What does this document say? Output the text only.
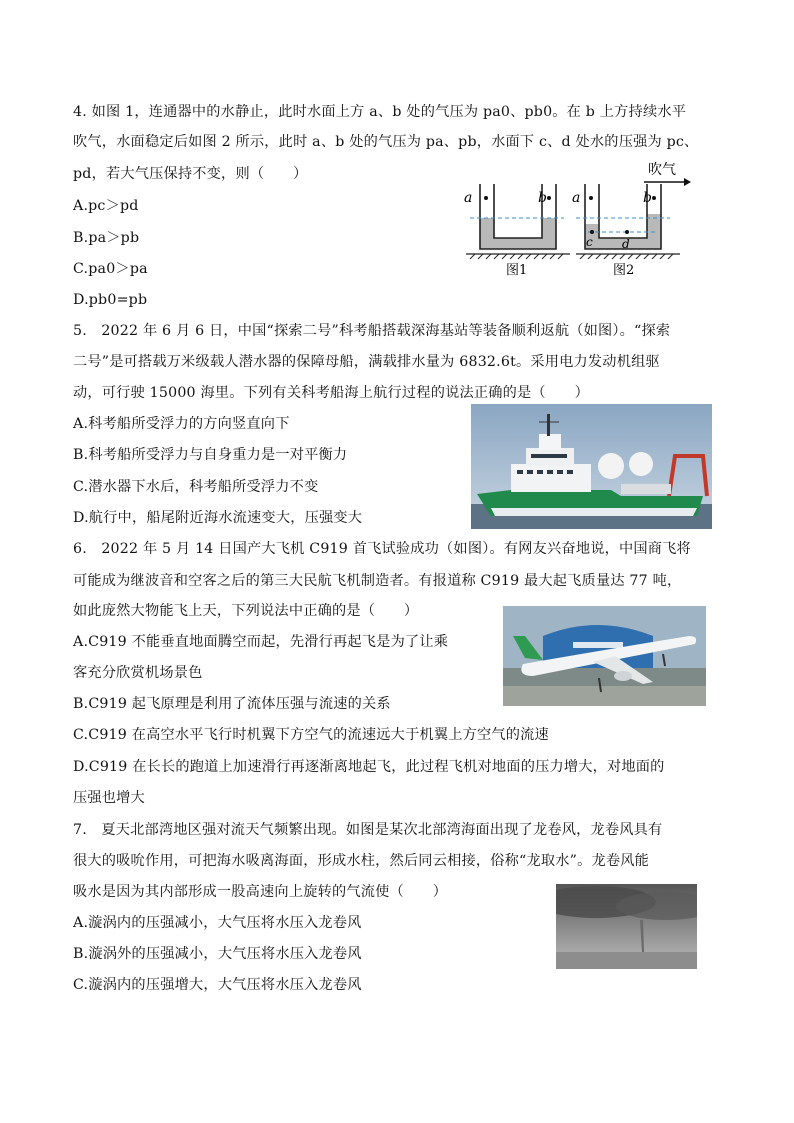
4. 如图 1，连通器中的水静止，此时水面上方 a、b 处的气压为 pa0、pb0。在 b 上方持续水平
吹气，水面稳定后如图 2 所示，此时 a、b 处的气压为 pa、pb，水面下 c、d 处水的压强为 pc、
pd，若大气压保持不变，则（　　）
A.pc＞pd
B.pa＞pb
C.pa0＞pa
D.pb0=pb
a	b
图1
a	b
c d
吹气
图2
5.　2022 年 6 月 6 日，中国“探索二号”科考船搭载深海基站等装备顺利返航（如图）。“探索
二号”是可搭载万米级载人潜水器的保障母船，满载排水量为 6832.6t。采用电力发动机组驱
动，可行驶 15000 海里。下列有关科考船海上航行过程的说法正确的是（　　）
A.科考船所受浮力的方向竖直向下
B.科考船所受浮力与自身重力是一对平衡力
C.潜水器下水后，科考船所受浮力不变
D.航行中，船尾附近海水流速变大，压强变大
6.　2022 年 5 月 14 日国产大飞机 C919 首飞试验成功（如图）。有网友兴奋地说，中国商飞将
可能成为继波音和空客之后的第三大民航飞机制造者。有报道称 C919 最大起飞质量达 77 吨，
如此庞然大物能飞上天，下列说法中正确的是（　　）
A.C919 不能垂直地面腾空而起，先滑行再起飞是为了让乘
客充分欣赏机场景色
B.C919 起飞原理是利用了流体压强与流速的关系
C.C919 在高空水平飞行时机翼下方空气的流速远大于机翼上方空气的流速
D.C919 在长长的跑道上加速滑行再逐渐离地起飞，此过程飞机对地面的压力增大，对地面的
压强也增大
7.　夏天北部湾地区强对流天气频繁出现。如图是某次北部湾海面出现了龙卷风，龙卷风具有
很大的吸吮作用，可把海水吸离海面，形成水柱，然后同云相接，俗称“龙取水”。龙卷风能
吸水是因为其内部形成一股高速向上旋转的气流使（　　）
A.漩涡内的压强减小，大气压将水压入龙卷风
B.漩涡外的压强减小，大气压将水压入龙卷风
C.漩涡内的压强增大，大气压将水压入龙卷风
